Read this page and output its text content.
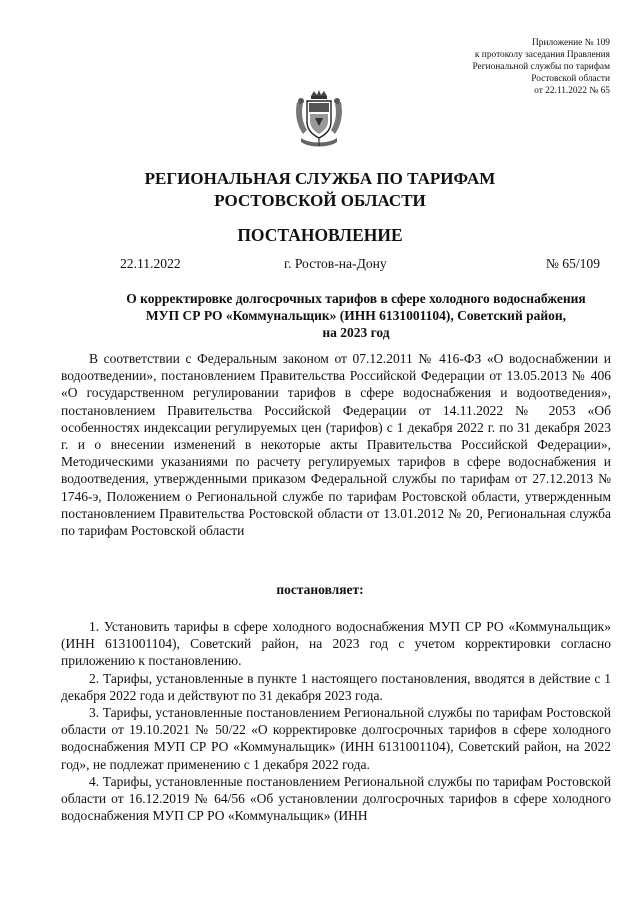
Приложение № 109
к протоколу заседания Правления
Региональной службы по тарифам
Ростовской области
от 22.11.2022 № 65
РЕГИОНАЛЬНАЯ СЛУЖБА ПО ТАРИФАМ
РОСТОВСКОЙ ОБЛАСТИ
ПОСТАНОВЛЕНИЕ
22.11.2022	г. Ростов-на-Дону	№ 65/109
О корректировке долгосрочных тарифов в сфере холодного водоснабжения
МУП СР РО «Коммунальщик» (ИНН 6131001104), Советский район,
на 2023 год

В соответствии с Федеральным законом от 07.12.2011 № 416-ФЗ «О водоснабжении и водоотведении», постановлением Правительства Российской Федерации от 13.05.2013 № 406 «О государственном регулировании тарифов в сфере водоснабжения и водоотведения», постановлением Правительства Российской Федерации от 14.11.2022 № 2053 «Об особенностях индексации регулируемых цен (тарифов) с 1 декабря 2022 г. по 31 декабря 2023 г. и о внесении изменений в некоторые акты Правительства Российской Федерации», Методическими указаниями по расчету регулируемых тарифов в сфере водоснабжения и водоотведения, утвержденными приказом Федеральной службы по тарифам от 27.12.2013 № 1746-э, Положением о Региональной службе по тарифам Ростовской области, утвержденным постановлением Правительства Ростовской области от 13.01.2012 № 20, Региональная служба по тарифам Ростовской области

постановляет:

1. Установить тарифы в сфере холодного водоснабжения МУП СР РО «Коммунальщик» (ИНН 6131001104), Советский район, на 2023 год с учетом корректировки согласно приложению к постановлению.

2. Тарифы, установленные в пункте 1 настоящего постановления, вводятся в действие с 1 декабря 2022 года и действуют по 31 декабря 2023 года.

3. Тарифы, установленные постановлением Региональной службы по тарифам Ростовской области от 19.10.2021 № 50/22 «О корректировке долгосрочных тарифов в сфере холодного водоснабжения МУП СР РО «Коммунальщик» (ИНН 6131001104), Советский район, на 2022 год», не подлежат применению с 1 декабря 2022 года.

4. Тарифы, установленные постановлением Региональной службы по тарифам Ростовской области от 16.12.2019 № 64/56 «Об установлении долгосрочных тарифов в сфере холодного водоснабжения МУП СР РО «Коммунальщик» (ИНН
